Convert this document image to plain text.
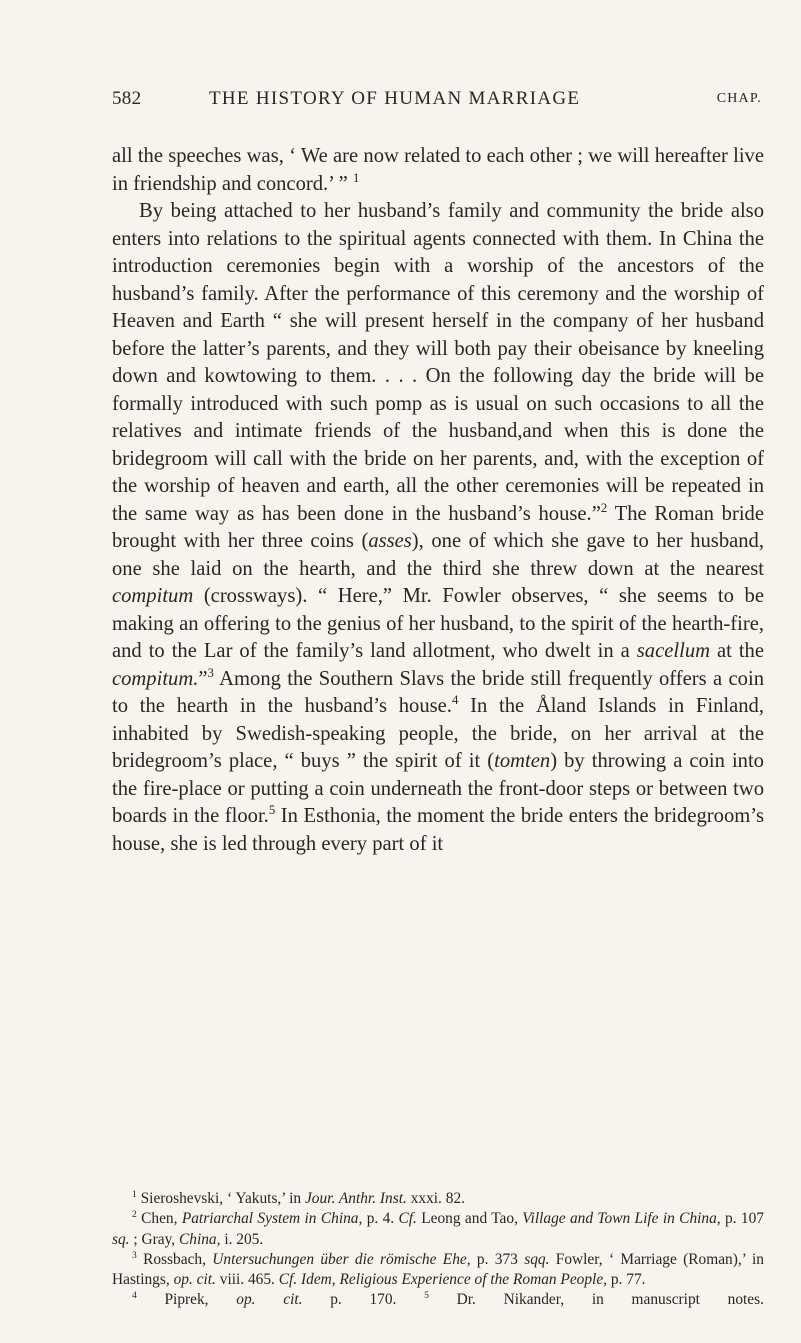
582	THE HISTORY OF HUMAN MARRIAGE	CHAP.

all the speeches was, ‘ We are now related to each other ; we will hereafter live in friendship and concord.’ ” $^1$

By being attached to her husband’s family and community the bride also enters into relations to the spiritual agents connected with them. In China the introduction ceremonies begin with a worship of the ancestors of the husband’s family. After the performance of this ceremony and the worship of Heaven and Earth “ she will present herself in the company of her husband before the latter’s parents, and they will both pay their obeisance by kneeling down and kowtowing to them. . . . On the following day the bride will be formally introduced with such pomp as is usual on such occasions to all the relatives and intimate friends of the husband,and when this is done the bridegroom will call with the bride on her parents, and, with the exception of the worship of heaven and earth, all the other ceremonies will be repeated in the same way as has been done in the husband’s house.”$^2$ The Roman bride brought with her three coins (asses), one of which she gave to her husband, one she laid on the hearth, and the third she threw down at the nearest compitum (crossways). “ Here,” Mr. Fowler observes, “ she seems to be making an offering to the genius of her husband, to the spirit of the hearth-fire, and to the Lar of the family’s land allotment, who dwelt in a sacellum at the compitum.”$^3$ Among the Southern Slavs the bride still frequently offers a coin to the hearth in the husband’s house.$^4$ In the Åland Islands in Finland, inhabited by Swedish-speaking people, the bride, on her arrival at the bridegroom’s place, “ buys ” the spirit of it (tomten) by throwing a coin into the fire-place or putting a coin underneath the front-door steps or between two boards in the floor.$^5$ In Esthonia, the moment the bride enters the bridegroom’s house, she is led through every part of it

$^1$ Sieroshevski, ‘ Yakuts,’ in Jour. Anthr. Inst. xxxi. 82.

$^2$ Chen, Patriarchal System in China, p. 4. Cf. Leong and Tao, Village and Town Life in China, p. 107 sq. ; Gray, China, i. 205.

$^3$ Rossbach, Untersuchungen über die römische Ehe, p. 373 sqq. Fowler, ‘ Marriage (Roman),’ in Hastings, op. cit. viii. 465. Cf. Idem, Religious Experience of the Roman People, p. 77.

$^4$ Piprek, op. cit. p. 170.	$^5$ Dr. Nikander, in manuscript notes.
